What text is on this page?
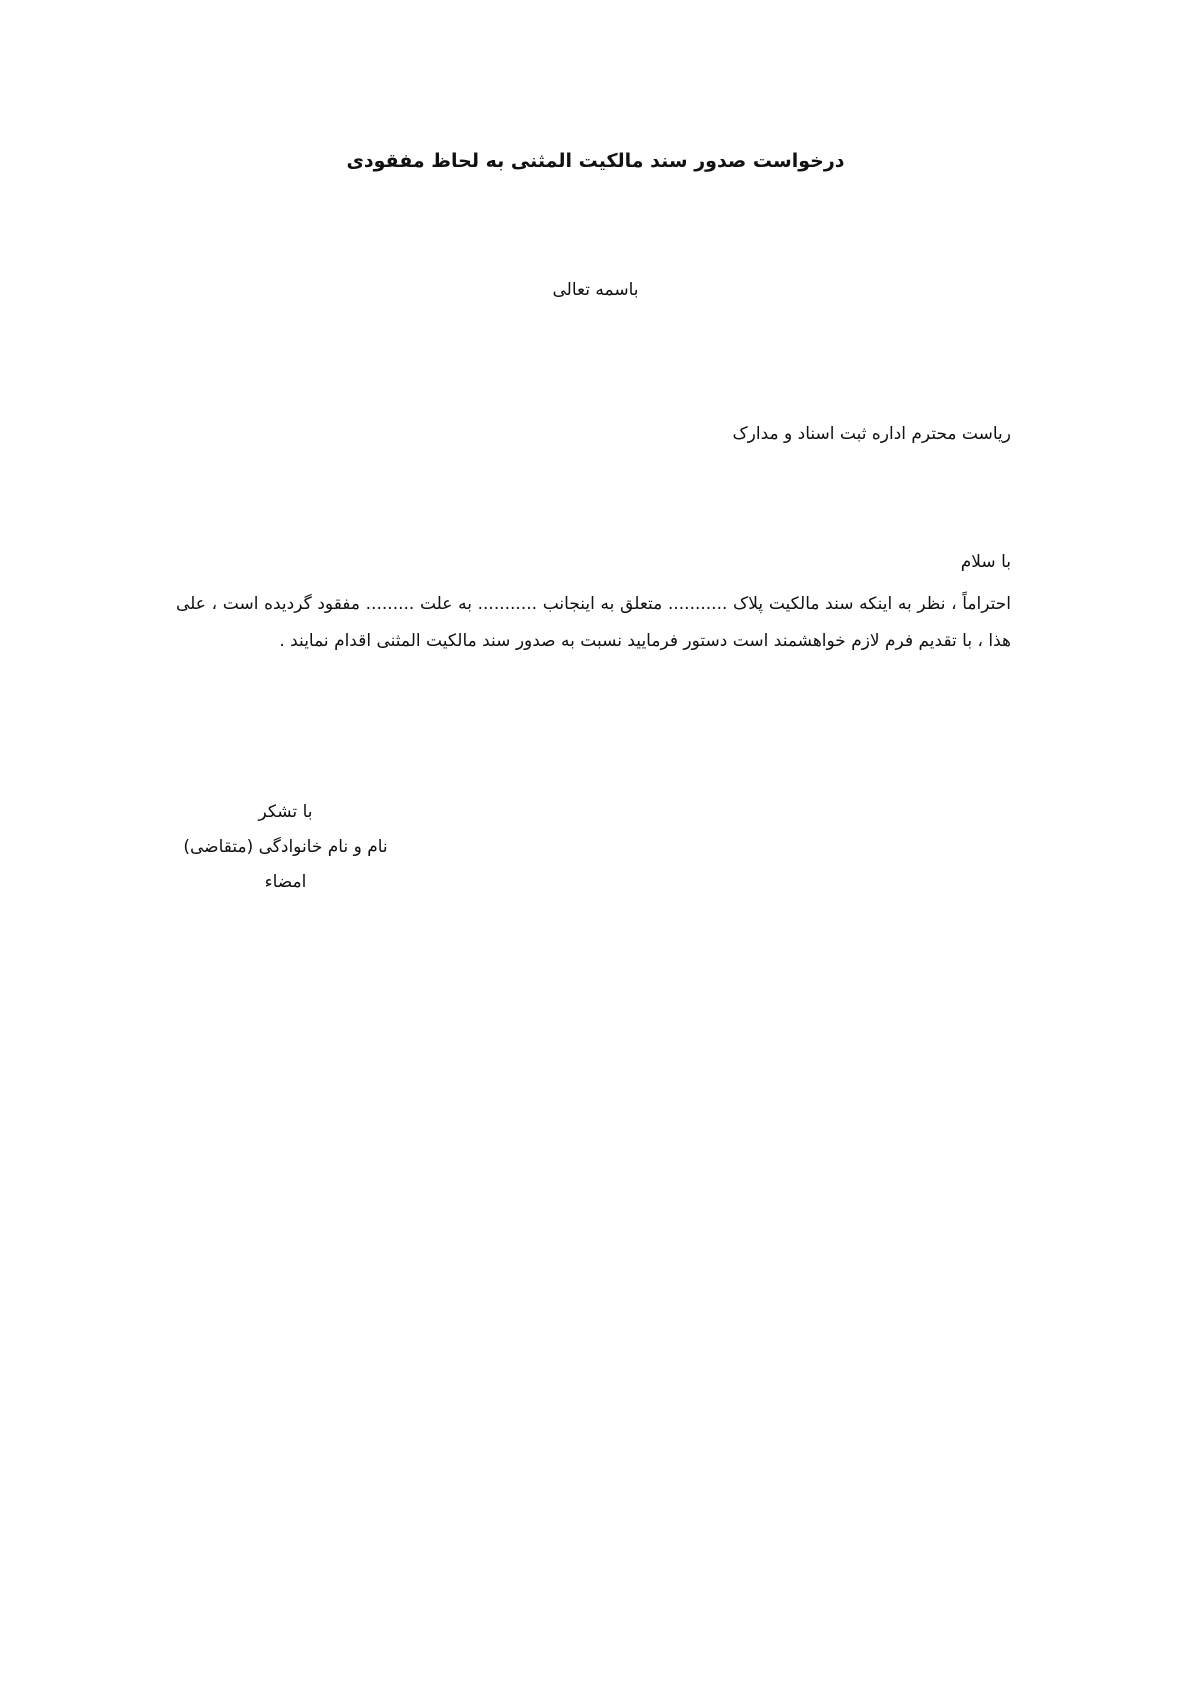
درخواست صدور سند مالکیت المثنی به لحاظ مفقودی
باسمه تعالی
ریاست محترم اداره ثبت اسناد و مدارک
با سلام

احتراماً ، نظر به اینکه سند مالکیت پلاک ........... متعلق به اینجانب ........... به علت ......... مفقود گردیده است ، علی هذا ، با تقدیم فرم لازم خواهشمند است دستور فرمایید نسبت به صدور سند مالکیت المثنی اقدام نمایند .

با تشکر
نام و نام خانوادگی (متقاضی)
امضاء
